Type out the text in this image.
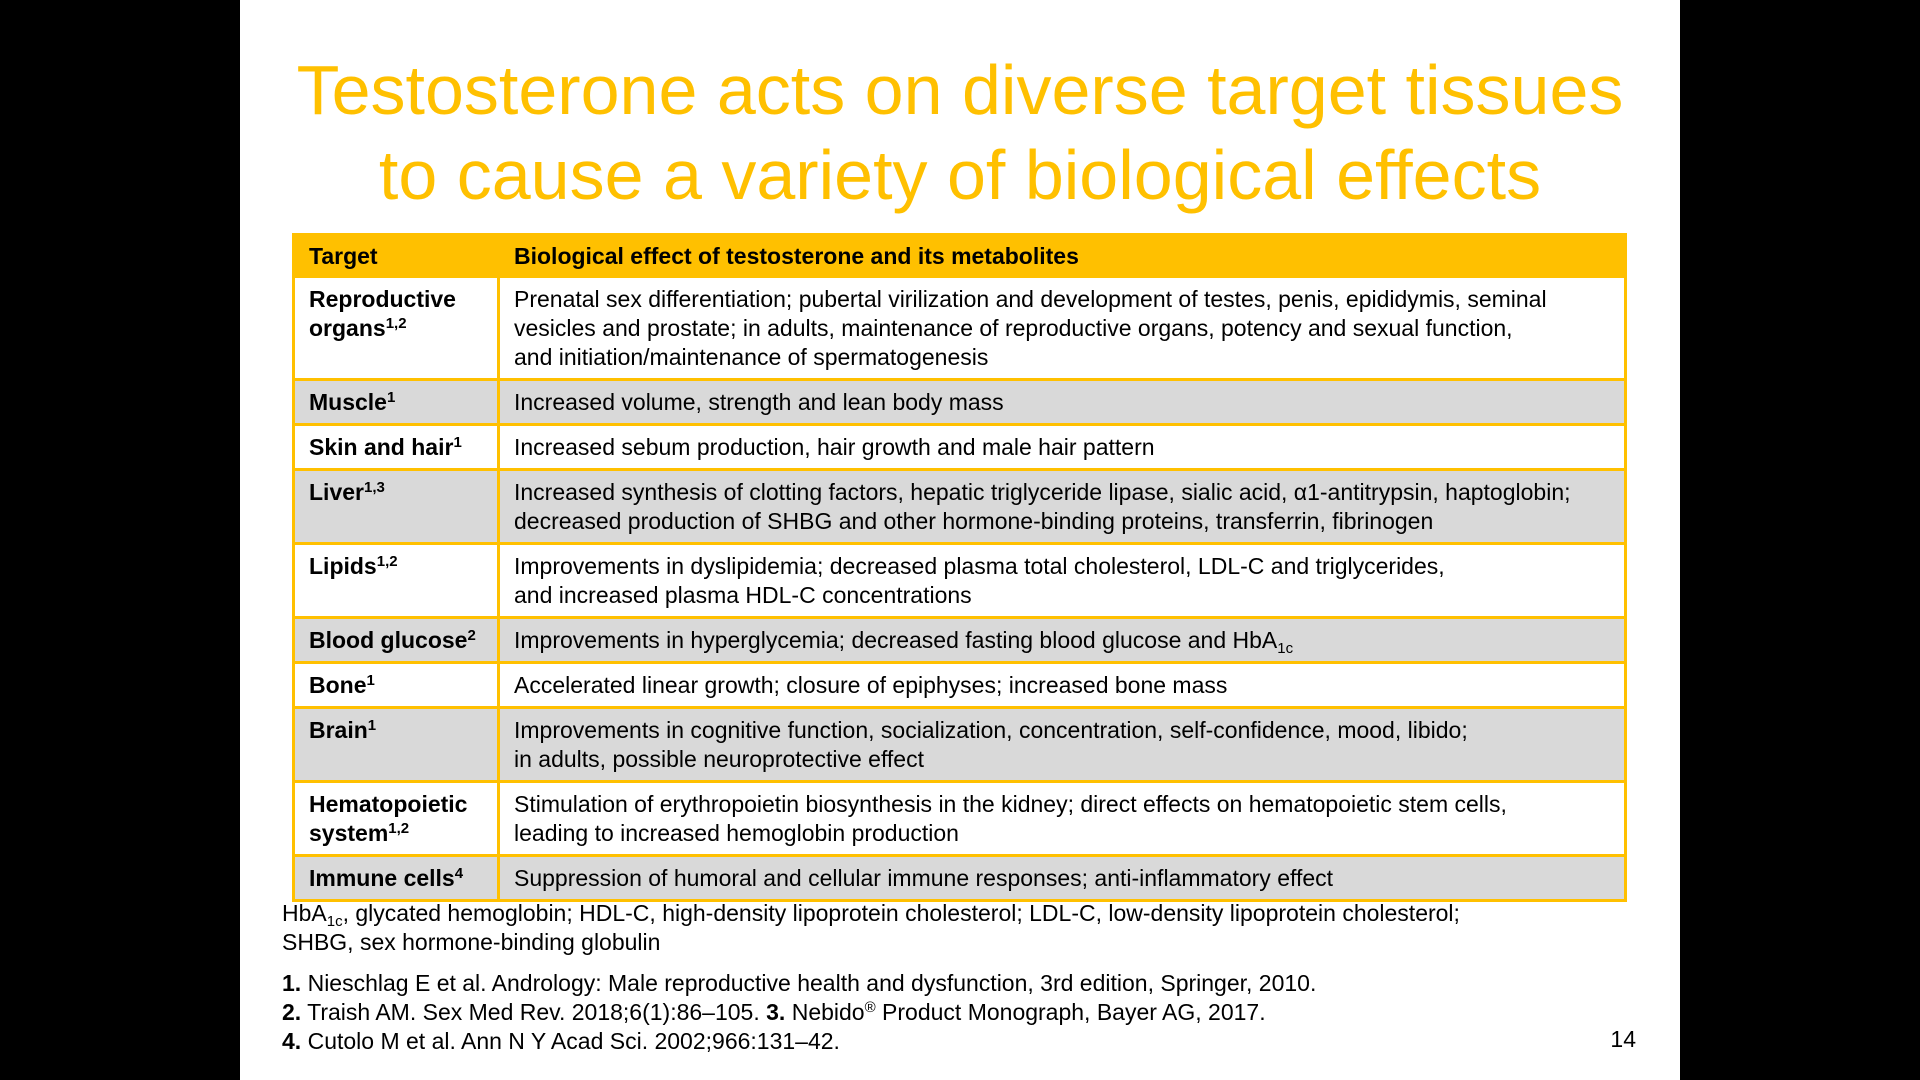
Testosterone acts on diverse target tissues
to cause a variety of biological effects
Target	Biological effect of testosterone and its metabolites
Reproductive organs$^{1,2}$	Prenatal sex differentiation; pubertal virilization and development of testes, penis, epididymis, seminal
vesicles and prostate; in adults, maintenance of reproductive organs, potency and sexual function,
and initiation/maintenance of spermatogenesis

Muscle$^1$	Increased volume, strength and lean body mass

Skin and hair$^1$	Increased sebum production, hair growth and male hair pattern

Liver$^{1,3}$	Increased synthesis of clotting factors, hepatic triglyceride lipase, sialic acid, α1-antitrypsin, haptoglobin;
decreased production of SHBG and other hormone-binding proteins, transferrin, fibrinogen

Lipids$^{1,2}$	Improvements in dyslipidemia; decreased plasma total cholesterol, LDL-C and triglycerides,
and increased plasma HDL-C concentrations

Blood glucose$^2$	Improvements in hyperglycemia; decreased fasting blood glucose and HbA$_{1c}$
Bone$^1$	Accelerated linear growth; closure of epiphyses; increased bone mass

Brain$^1$	Improvements in cognitive function, socialization, concentration, self-confidence, mood, libido;
in adults, possible neuroprotective effect

Hematopoietic system$^{1,2}$	Stimulation of erythropoietin biosynthesis in the kidney; direct effects on hematopoietic stem cells,
leading to increased hemoglobin production

Immune cells$^4$	Suppression of humoral and cellular immune responses; anti-inflammatory effect
HbA$_{1c}$, glycated hemoglobin; HDL-C, high-density lipoprotein cholesterol; LDL-C, low-density lipoprotein cholesterol;
SHBG, sex hormone-binding globulin
1. Nieschlag E et al. Andrology: Male reproductive health and dysfunction, 3rd edition, Springer, 2010.
2. Traish AM. Sex Med Rev. 2018;6(1):86–105. 3. Nebido® Product Monograph, Bayer AG, 2017.
4. Cutolo M et al. Ann N Y Acad Sci. 2002;966:131–42.	14
